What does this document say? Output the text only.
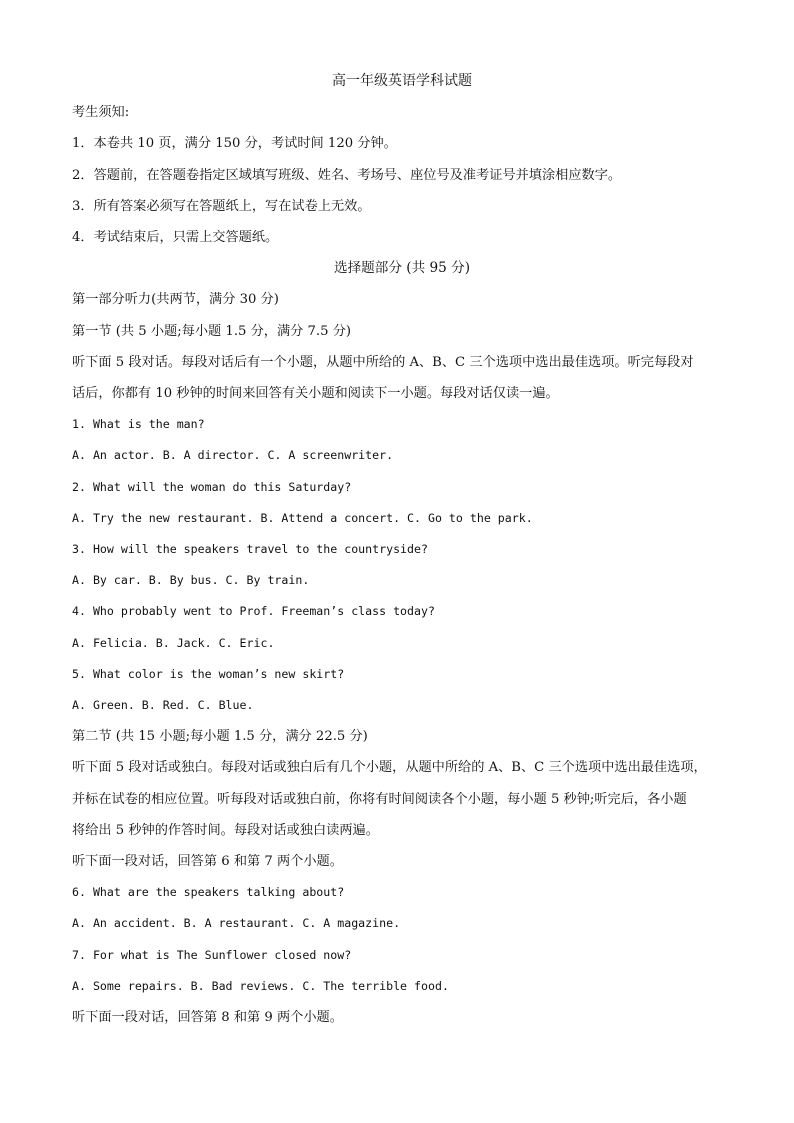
高一年级英语学科试题
考生须知:
1．本卷共 10 页，满分 150 分，考试时间 120 分钟。
2．答题前，在答题卷指定区域填写班级、姓名、考场号、座位号及准考证号并填涂相应数字。
3．所有答案必须写在答题纸上，写在试卷上无效。
4．考试结束后，只需上交答题纸。
选择题部分 (共 95 分)
第一部分听力(共两节，满分 30 分)
第一节 (共 5 小题;每小题 1.5 分，满分 7.5 分)
听下面 5 段对话。每段对话后有一个小题，从题中所给的 A、B、C 三个选项中选出最佳选项。听完每段对
话后，你都有 10 秒钟的时间来回答有关小题和阅读下一小题。每段对话仅读一遍。
1. What is the man?
A. An actor. B. A director. C. A screenwriter.
2. What will the woman do this Saturday?
A. Try the new restaurant. B. Attend a concert. C. Go to the park.
3. How will the speakers travel to the countryside?
A. By car. B. By bus. C. By train.
4. Who probably went to Prof. Freeman’s class today?
A. Felicia. B. Jack. C. Eric.
5. What color is the woman’s new skirt?
A. Green. B. Red. C. Blue.
第二节 (共 15 小题;每小题 1.5 分，满分 22.5 分)
听下面 5 段对话或独白。每段对话或独白后有几个小题，从题中所给的 A、B、C 三个选项中选出最佳选项，
并标在试卷的相应位置。听每段对话或独白前，你将有时间阅读各个小题，每小题 5 秒钟;听完后，各小题
将给出 5 秒钟的作答时间。每段对话或独白读两遍。
听下面一段对话，回答第 6 和第 7 两个小题。
6. What are the speakers talking about?
A. An accident. B. A restaurant. C. A magazine.
7. For what is The Sunflower closed now?
A. Some repairs. B. Bad reviews. C. The terrible food.
听下面一段对话，回答第 8 和第 9 两个小题。
